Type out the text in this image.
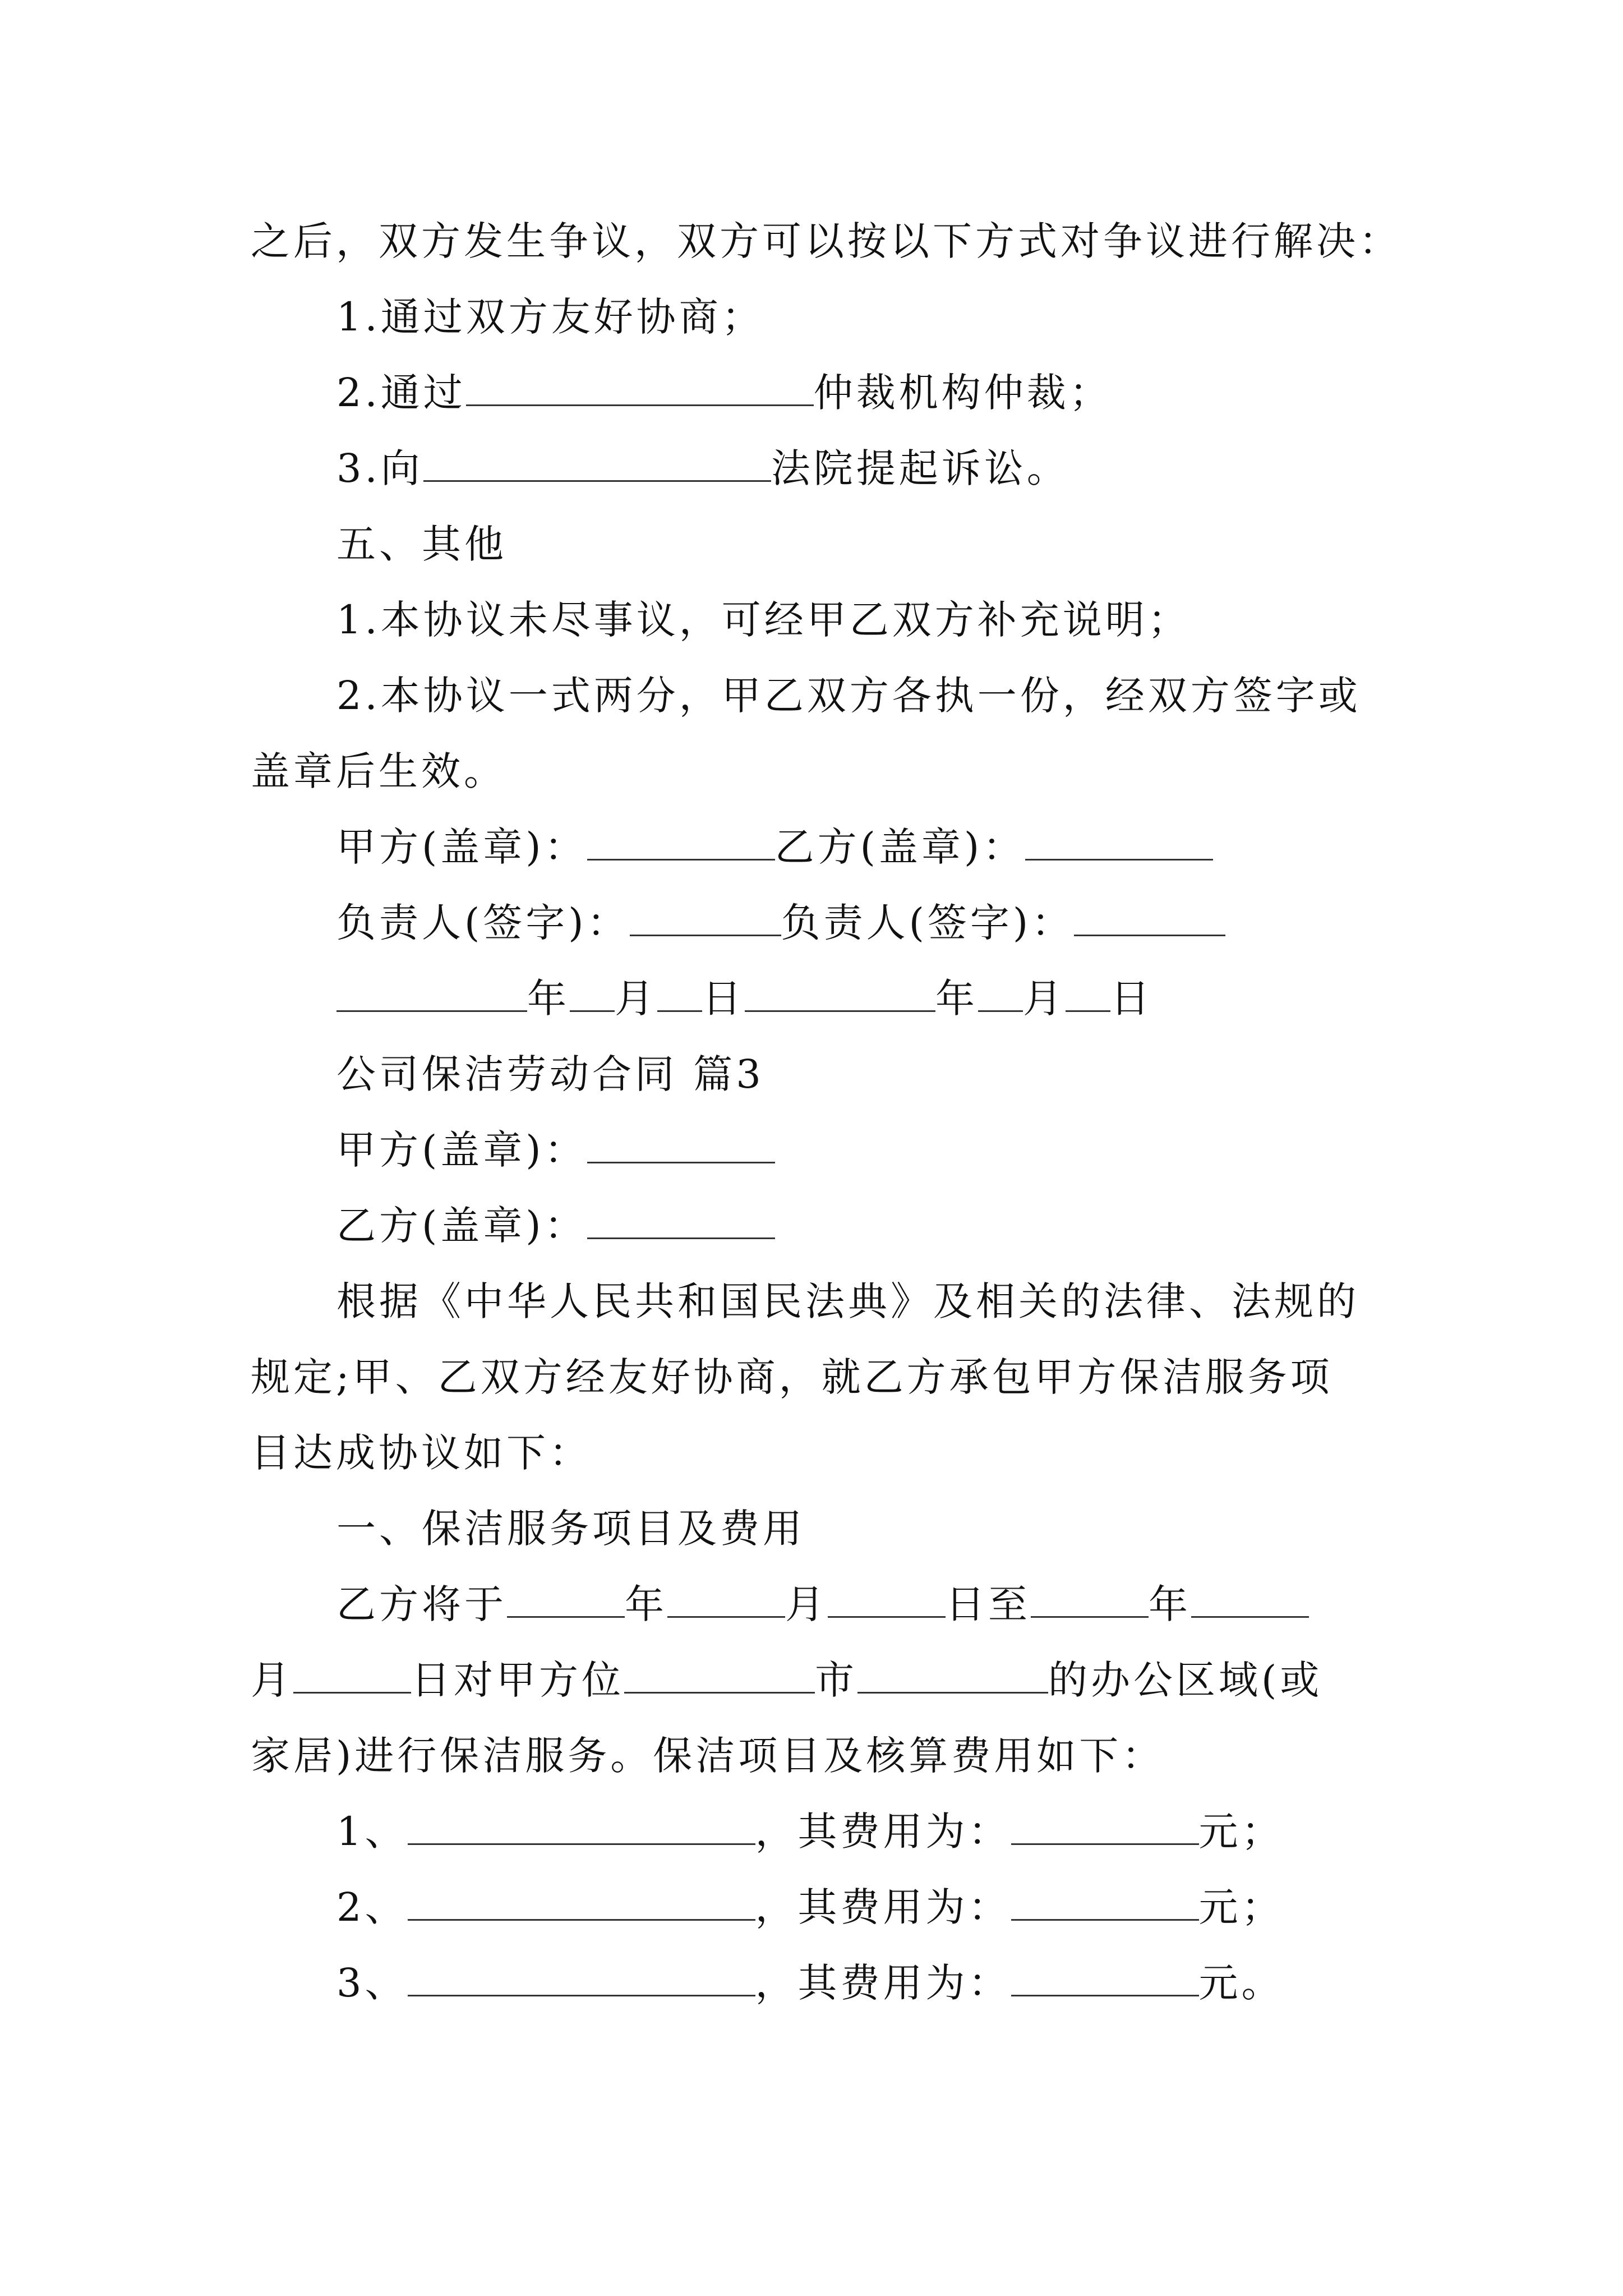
之后，双方发生争议，双方可以按以下方式对争议进行解决：
1.通过双方友好协商；
2.通过	仲裁机构仲裁；
3.向	法院提起诉讼。
五、其他
1.本协议未尽事议，可经甲乙双方补充说明；
2.本协议一式两分，甲乙双方各执一份，经双方签字或
盖章后生效。
甲方(盖章)：	乙方(盖章)：
负责人(签字)：	负责人(签字)：
年 月 日	年 月 日
公司保洁劳动合同 篇3
甲方(盖章)：
乙方(盖章)：
根据《中华人民共和国民法典》及相关的法律、法规的
规定;甲、乙双方经友好协商，就乙方承包甲方保洁服务项
目达成协议如下：
一、保洁服务项目及费用
乙方将于	年	月	日至	年
月	日对甲方位	市	的办公区域(或
家居)进行保洁服务。保洁项目及核算费用如下：
1、	，其费用为：	元；
2、	，其费用为：	元；
3、	，其费用为：	元。
